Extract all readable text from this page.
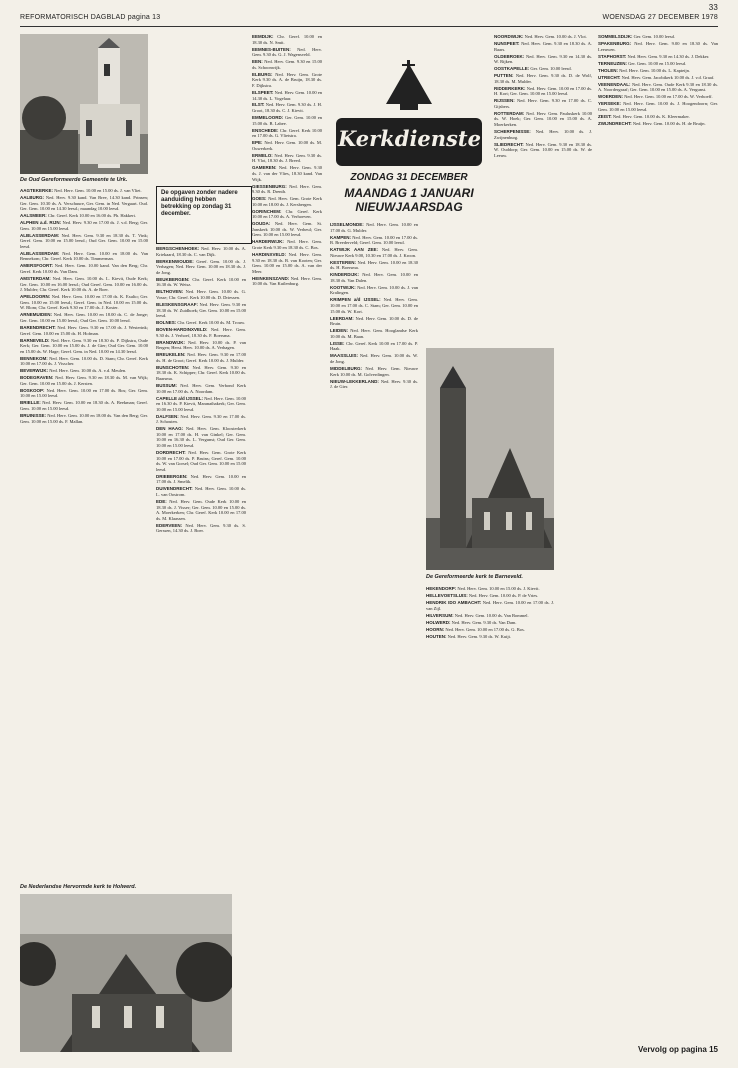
REFORMATORISCH DAGBLAD pagina 13
33
WOENSDAG 27 DECEMBER 1978
De Oud Gereformeerde Gemeente te Urk.

AAGTEKERKE: Ned. Herv. Gem. 10.00 en 15.00 ds. J. van Vliet.

AALBURG: Ned. Herv. 9.30 kand. Van Bree, 14.30 kand. Prinsen; Ger. Gem. 10.30 ds. A. Verschuure, Ger. Gem. in Ned. Vergaart. Oud. Ger. Gem. 10.00 en 14.30 leesd.; maandag 10.00 leesd.

AALSMEER: Chr. Geref. Kerk 10.00 en 16.00 ds. Ph. Hakkert.

ALPHEN a.d. RIJN: Ned. Herv. 9.30 en 17.00 ds. J. v.d. Berg; Ger. Gem. 10.00 en 15.00 leesd.

ALBLASSERDAM: Ned. Herv. Gem. 9.30 en 18.30 ds. T. Vink; Geref. Gem. 10.00 en 15.00 leesd.; Oud Ger. Gem. 10.00 en 15.00 leesd.

ALBLASSERDAM: Ned. Herv. Gem. 10.00 en 18.00 ds. Van Bennekom; Chr. Geref. Kerk 10.00 ds. Timmerman.

AMERSFOORT: Ned. Herv. Gem. 10.00 kand. Van den Berg; Chr. Geref. Kerk 10.00 ds. Van Dam.

AMSTERDAM: Ned. Herv. Gem. 10.00 ds. L. Kievit, Oude Kerk; Ger. Gem. 10.00 en 16.00 leesd.; Oud Geref. Gem. 10.00 en 16.00 ds. J. Mulder; Chr. Geref. Kerk 10.00 ds. A. de Boer.

APELDOORN: Ned. Herv. Gem. 10.00 en 17.00 ds. K. Exalto; Ger. Gem. 10.00 en 15.00 leesd.; Geref. Gem. in Ned. 10.00 en 15.00 ds. W. Blom; Chr. Geref. Kerk 9.30 en 17.00 ds. J. Koster.

ARNEMUIDEN: Ned. Herv. Gem. 10.00 en 18.00 ds. C. de Jonge; Ger. Gem. 10.00 en 15.00 leesd.; Oud Ger. Gem. 10.00 leesd.

BARENDRECHT: Ned. Herv. Gem. 9.30 en 17.00 ds. J. Westerink; Geref. Gem. 10.00 en 15.00 ds. H. Hofman.

BARNEVELD: Ned. Herv. Gem. 9.30 en 18.30 ds. P. Dijkstra, Oude Kerk; Ger. Gem. 10.00 en 15.00 ds. J. de Gier; Oud Ger. Gem. 10.00 en 15.00 ds. W. Hage; Geref. Gem. in Ned. 10.00 en 14.30 leesd.

BENNEKOM: Ned. Herv. Gem. 10.00 ds. D. Stam; Chr. Geref. Kerk 10.00 en 17.00 ds. J. Visscher.

BEVERWIJK: Ned. Herv. Gem. 10.00 ds. A. v.d. Meulen.

BODEGRAVEN: Ned. Herv. Gem. 9.30 en 18.30 ds. M. van Wijk; Ger. Gem. 10.00 en 15.00 ds. J. Kersten.

BOSKOOP: Ned. Herv. Gem. 10.00 en 17.00 ds. Bos; Ger. Gem. 10.00 en 15.00 leesd.

BRIELLE: Ned. Herv. Gem. 10.00 en 18.30 ds. A. Beekman; Geref. Gem. 10.00 en 15.00 leesd.

BRUINISSE: Ned. Herv. Gem. 10.00 en 18.00 ds. Van den Berg; Ger. Gem. 10.00 en 15.00 ds. F. Mallan.

De Nederlandse Hervormde kerk te Holwerd.
De opgaven zonder nadere aanduiding hebben betrekking op zondag 31 december.

BERGSCHENHOEK: Ned. Herv. 10.00 ds. A. Kriekaard, 18.30 ds. C. van Dijk.

BERKENWOUDE: Geref. Gem. 10.00 ds. J. Verhagen; Ned. Herv. Gem. 10.00 en 18.30 ds. J. de Jong.

BEUKBERGEN: Chr. Geref. Kerk 10.00 en 16.30 ds. W. Weisz.

BILTHOVEN: Ned. Herv. Gem. 10.00 ds. G. Vosse; Chr. Geref. Kerk 10.00 ds. D. Driessen.

BLESKENSGRAAF: Ned. Herv. Gem. 9.30 en 18.30 ds. W. Zuidhoek; Ger. Gem. 10.00 en 15.00 leesd.

BOLNES: Chr. Geref. Kerk 10.00 ds. M. Trouw.

BOVEN-HARDINXVELD: Ned. Herv. Gem. 9.30 ds. J. Verhoef, 18.30 ds. F. Boersma.

BRANDWIJK: Ned. Herv. 10.00 ds. P. van Bergen; Herst. Herv. 10.00 ds. A. Verhagen.

BREUKELEN: Ned. Herv. Gem. 9.30 en 17.00 ds. H. de Groot; Geref. Kerk 10.00 ds. J. Mulder.

BUNSCHOTEN: Ned. Herv. Gem. 9.30 en 18.30 ds. K. Schipper; Chr. Geref. Kerk 10.00 ds. Baarsma.

BUSSUM: Ned. Herv. Gem. Verbond Kerk 10.00 en 17.00 ds. A. Noordam.

CAPELLE a/d IJSSEL: Ned. Herv. Gem. 10.00 en 16.30 ds. P. Kievit, Maranathakerk; Ger. Gem. 10.00 en 15.00 leesd.

DALFSEN: Ned. Herv. Gem. 9.30 en 17.00 ds. J. Schouten.

DEN HAAG: Ned. Herv. Gem. Kloosterkerk 10.00 en 17.00 ds. H. van Ginkel; Ger. Gem. 10.00 en 16.30 ds. L. Vergunst; Oud Ger. Gem. 10.00 en 15.00 leesd.

DORDRECHT: Ned. Herv. Gem. Grote Kerk 10.00 en 17.00 ds. P. Bruins; Geref. Gem. 10.00 ds. W. van Gorsel; Oud Ger. Gem. 10.00 en 15.00 leesd.

DRIEBERGEN: Ned. Herv. Gem. 10.00 en 17.00 ds. J. Smelik.

DUIVENDRECHT: Ned. Herv. Gem. 10.00 ds. L. van Oostrom.

EDE: Ned. Herv. Gem. Oude Kerk 10.00 en 18.30 ds. J. Visser; Ger. Gem. 10.00 en 15.00 ds. A. Moerkerken; Chr. Geref. Kerk 10.00 en 17.00 ds. M. Klaassen.

EDERVEEN: Ned. Herv. Gem. 9.30 ds. S. Gerssen, 14.30 ds. J. Boer.

Kerkdiensten
ZONDAG 31 DECEMBER
MAANDAG 1 JANUARI
NIEUWJAARSDAG

EEMDIJK: Chr. Geref. 10.00 en 18.30 ds. N. Smit.

EEMNES-BUITEN: Ned. Herv. Gem. 9.30 ds. G. J. Wagensveld.

EEN: Ned. Herv. Gem. 9.30 en 15.00 ds. Schoonwijk.

ELBURG: Ned. Herv. Gem. Grote Kerk 9.30 ds. A. de Bruijn, 18.30 ds. F. Dijkstra.

ELSPEET: Ned. Herv. Gem. 10.00 en 14.30 ds. L. Vogelaar.

ELST: Ned. Herv. Gem. 9.30 ds. J. H. Groot, 18.30 ds. C. J. Kievit.

EMMELOORD: Ger. Gem. 10.00 en 15.00 ds. B. Labee.

ENSCHEDE: Chr. Geref. Kerk 10.00 en 17.00 ds. G. Vlietstra.

EPE: Ned. Herv. Gem. 10.00 ds. M. Ouwerkerk.

ERMELO: Ned. Herv. Gem. 9.30 ds. H. Vlot, 18.30 ds. J. Breed.

GAMEREN: Ned. Herv. Gem. 9.30 ds. J. van der Vlies, 18.30 kand. Van Wijk.

GIESSENBURG: Ned. Herv. Gem. 9.30 ds. R. Drenth.

GOES: Ned. Herv. Gem. Grote Kerk 10.00 en 18.00 ds. J. Kersbergen.

GORINCHEM: Chr. Geref. Kerk 10.00 en 17.00 ds. A. Verhoeven.

GOUDA: Ned. Herv. Gem. St. Janskerk 10.00 ds. W. Verheul; Ger. Gem. 10.00 en 15.00 leesd.

HARDERWIJK: Ned. Herv. Gem. Grote Kerk 9.30 en 18.30 ds. C. Bos.

HARDINXVELD: Ned. Herv. Gem. 9.30 en 18.30 ds. B. van Kooten; Ger. Gem. 10.00 en 15.00 ds. A. van der Meer.

HEINKENSZAND: Ned. Herv. Gem. 10.00 ds. Van Kuilenburg.

IJSSELMONDE: Ned. Herv. Gem. 10.00 en 17.00 ds. G. Mulder.

KAMPEN: Ned. Herv. Gem. 10.00 en 17.00 ds. B. Breederveld; Geref. Gem. 10.00 leesd.

KATWIJK AAN ZEE: Ned. Herv. Gem. Nieuwe Kerk 9.00, 10.30 en 17.00 ds. J. Kroon.

KESTEREN: Ned. Herv. Gem. 10.00 en 18.30 ds. H. Boersma.

KINDERDIJK: Ned. Herv. Gem. 10.00 en 18.30 ds. Van Dalen.

KOOTWIJK: Ned. Herv. Gem. 10.00 ds. J. van Kralingen.

KRIMPEN a/d IJSSEL: Ned. Herv. Gem. 10.00 en 17.00 ds. C. Stam; Ger. Gem. 10.00 en 15.00 ds. W. Kort.

LEERDAM: Ned. Herv. Gem. 10.00 ds. D. de Bruin.

LEIDEN: Ned. Herv. Gem. Hooglandse Kerk 10.00 ds. M. Baan.

LISSE: Chr. Geref. Kerk 10.00 en 17.00 ds. P. Haak.

MAASSLUIS: Ned. Herv. Gem. 10.00 ds. W. de Jong.

MIDDELBURG: Ned. Herv. Gem. Nieuwe Kerk 10.00 ds. M. Golverdingen.

NIEUW-LEKKERLAND: Ned. Herv. 9.30 ds. J. de Gier.

De Gereformeerde kerk te Barneveld.

NOORDWIJK: Ned. Herv. Gem. 10.00 ds. J. Vlot.

NUNSPEET: Ned. Herv. Gem. 9.30 en 18.30 ds. A. Baars.

OLDEBROEK: Ned. Herv. Gem. 9.30 en 14.30 ds. W. Rijken.

OOSTKAPELLE: Ger. Gem. 10.00 leesd.

PUTTEN: Ned. Herv. Gem. 9.30 ds. D. de Wolf, 18.30 ds. M. Mulder.

RIDDERKERK: Ned. Herv. Gem. 10.00 en 17.00 ds. H. Kort; Ger. Gem. 10.00 en 15.00 leesd.

RIJSSEN: Ned. Herv. Gem. 9.30 en 17.00 ds. C. Gijsbers.

ROTTERDAM: Ned. Herv. Gem. Pauluskerk 10.00 ds. W. Hoek; Ger. Gem. 10.00 en 15.00 ds. A. Moerkerken.

SCHERPENISSE: Ned. Herv. 10.00 ds. J. Zwijnenburg.

SLIEDRECHT: Ned. Herv. Gem. 9.30 en 18.30 ds. W. Ouddorp; Ger. Gem. 10.00 en 15.00 ds. W. de Leeuw.

HEKENDORP: Ned. Herv. Gem. 10.00 en 15.00 ds. J. Kievit.

HELLEVOETSLUIS: Ned. Herv. Gem. 10.00 ds. P. de Vries.

HENDRIK IDO AMBACHT: Ned. Herv. Gem. 10.00 en 17.00 ds. J. van Zijl.

HILVERSUM: Ned. Herv. Gem. 10.00 ds. Van Bommel.

HOLWERD: Ned. Herv. Gem. 9.30 ds. Van Dam.

HOORN: Ned. Herv. Gem. 10.00 en 17.00 ds. G. Bos.

HOUTEN: Ned. Herv. Gem. 9.30 ds. W. Kuijt.

SOMMELSDIJK: Ger. Gem. 10.00 leesd.

SPAKENBURG: Ned. Herv. Gem. 9.00 en 18.30 ds. Van Leeuwen.

STAPHORST: Ned. Herv. Gem. 9.30 en 14.30 ds. J. Dekker.

TERNEUZEN: Ger. Gem. 10.00 en 15.00 leesd.

THOLEN: Ned. Herv. Gem. 10.00 ds. L. Kapteijn.

UTRECHT: Ned. Herv. Gem. Jacobikerk 10.00 ds. J. v.d. Graaf.

VEENENDAAL: Ned. Herv. Gem. Oude Kerk 9.30 en 18.30 ds. A. Noordergraaf; Ger. Gem. 10.00 en 15.00 ds. A. Vergunst.

WOERDEN: Ned. Herv. Gem. 10.00 en 17.00 ds. W. Verhoeff.

YERSEKE: Ned. Herv. Gem. 10.00 ds. J. Hoogendoorn; Ger. Gem. 10.00 en 15.00 leesd.

ZEIST: Ned. Herv. Gem. 10.00 ds. K. Kleermaker.

ZWIJNDRECHT: Ned. Herv. Gem. 10.00 ds. H. de Bruijn.

Vervolg op pagina 15
